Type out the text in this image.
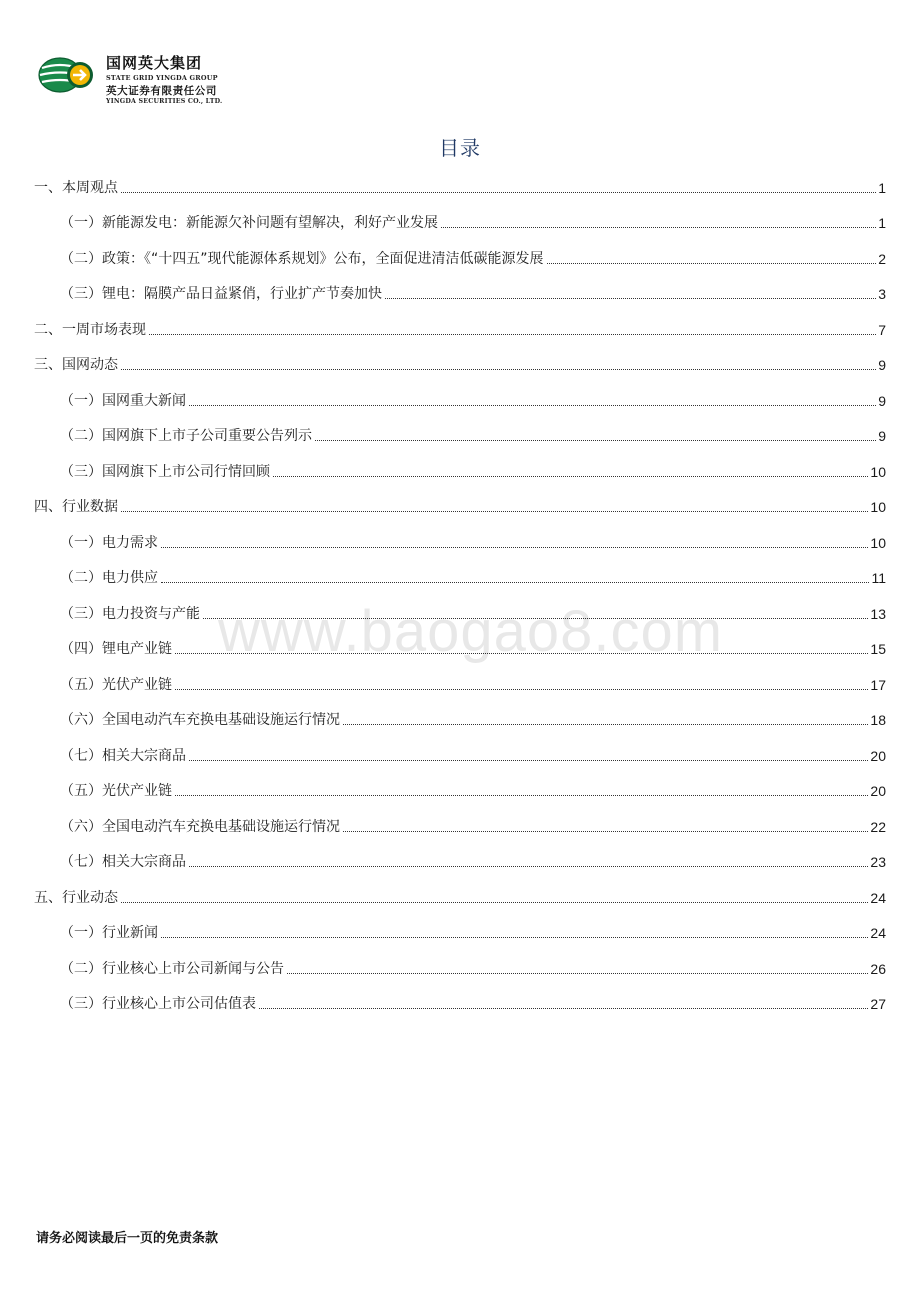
国网英大集团
STATE GRID YINGDA GROUP
英大证券有限责任公司
YINGDA SECURITIES CO., LTD.
目录
一、本周观点	1
（一）新能源发电：新能源欠补问题有望解决，利好产业发展	1
（二）政策：《“十四五”现代能源体系规划》公布，全面促进清洁低碳能源发展	2
（三）锂电：隔膜产品日益紧俏，行业扩产节奏加快	3
二、一周市场表现	7
三、国网动态	9
（一）国网重大新闻	9
（二）国网旗下上市子公司重要公告列示	9
（三）国网旗下上市公司行情回顾	10
四、行业数据	10
（一）电力需求	10
（二）电力供应	11
（三）电力投资与产能	13
（四）锂电产业链	15
（五）光伏产业链	17
（六）全国电动汽车充换电基础设施运行情况	18
（七）相关大宗商品	20
（五）光伏产业链	20
（六）全国电动汽车充换电基础设施运行情况	22
（七）相关大宗商品	23
五、行业动态	24
（一）行业新闻	24
（二）行业核心上市公司新闻与公告	26
（三）行业核心上市公司估值表	27
www.baogao8.com
请务必阅读最后一页的免责条款
